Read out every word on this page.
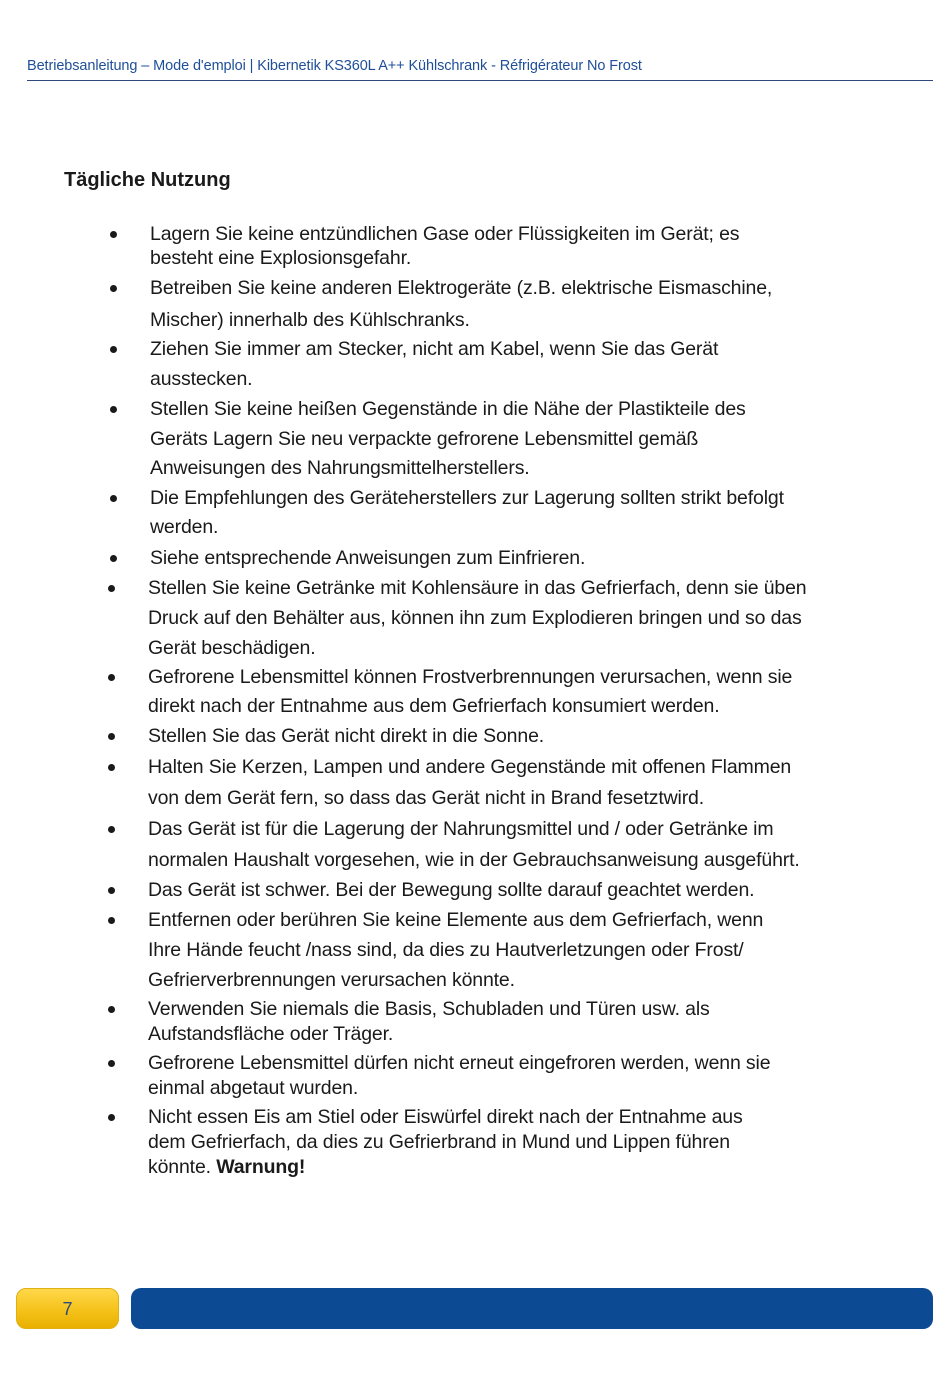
Betriebsanleitung – Mode d'emploi | Kibernetik KS360L A++ Kühlschrank - Réfrigérateur No Frost
Tägliche Nutzung
Lagern Sie keine entzündlichen Gase oder Flüssigkeiten im Gerät; es
besteht eine Explosionsgefahr.
Betreiben Sie keine anderen Elektrogeräte (z.B. elektrische Eismaschine,
Mischer) innerhalb des Kühlschranks.
Ziehen Sie immer am Stecker, nicht am Kabel, wenn Sie das Gerät
ausstecken.
Stellen Sie keine heißen Gegenstände in die Nähe der Plastikteile des
Geräts Lagern Sie neu verpackte gefrorene Lebensmittel gemäß
Anweisungen des Nahrungsmittelherstellers.
Die Empfehlungen des Geräteherstellers zur Lagerung sollten strikt befolgt
werden.
Siehe entsprechende Anweisungen zum Einfrieren.
Stellen Sie keine Getränke mit Kohlensäure in das Gefrierfach, denn sie üben
Druck auf den Behälter aus, können ihn zum Explodieren bringen und so das
Gerät beschädigen.
Gefrorene Lebensmittel können Frostverbrennungen verursachen, wenn sie
direkt nach der Entnahme aus dem Gefrierfach konsumiert werden.
Stellen Sie das Gerät nicht direkt in die Sonne.
Halten Sie Kerzen, Lampen und andere Gegenstände mit offenen Flammen
von dem Gerät fern, so dass das Gerät nicht in Brand fesetztwird.
Das Gerät ist für die Lagerung der Nahrungsmittel und / oder Getränke im
normalen Haushalt vorgesehen, wie in der Gebrauchsanweisung ausgeführt.
Das Gerät ist schwer. Bei der Bewegung sollte darauf geachtet werden.
Entfernen oder berühren Sie keine Elemente aus dem Gefrierfach, wenn
Ihre Hände feucht /nass sind, da dies zu Hautverletzungen oder Frost/
Gefrierverbrennungen verursachen könnte.
Verwenden Sie niemals die Basis, Schubladen und Türen usw. als
Aufstandsfläche oder Träger.
Gefrorene Lebensmittel dürfen nicht erneut eingefroren werden, wenn sie
einmal abgetaut wurden.
Nicht essen Eis am Stiel oder Eiswürfel direkt nach der Entnahme aus
dem Gefrierfach, da dies zu Gefrierbrand in Mund und Lippen führen
könnte. Warnung!
7
